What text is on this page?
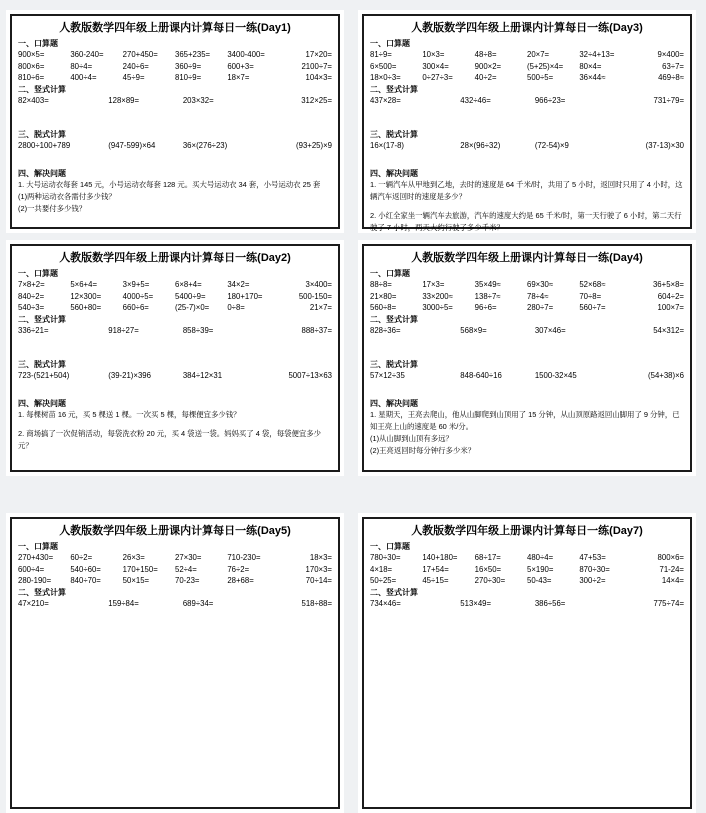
人教版数学四年级上册课内计算每日一练(Day1)
一、口算题
900×5=	360-240=	270+450=	365+235=	3400-400=	17×20=
800×6=	80÷4=	240÷6=	360÷9=	600+3=	2100÷7=
810÷6=	400÷4=	45÷9=	810÷9=	18×7=	104×3=
二、竖式计算
82×403=	128×89=	203×32=	312×25=
三、脱式计算
2800÷100+789	(947-599)×64	36×(276÷23)	(93+25)×9
四、解决问题
1. 大号运动衣每套 145 元，小号运动衣每套 128 元。买大号运动衣 34 套，小号运动衣 25 套
(1)两种运动衣各需付多少钱？
(2)一共要付多少钱？
人教版数学四年级上册课内计算每日一练(Day3)
一、口算题
81÷9=	10×3=	48÷8=	20×7=	32÷4+13=	9×400=
6×500=	300×4=	900×2=	(5+25)×4=	80×4=	63÷7=
18×0÷3=	0÷27÷3=	40÷2=	500÷5=	36×44≈	469÷8≈
二、竖式计算
437×28=	432÷46=	966÷23=	731÷79=
三、脱式计算
16×(17-8)	28×(96÷32)	(72-54)×9	(37-13)×30
四、解决问题
1. 一辆汽车从甲地到乙地，去时的速度是 64 千米/时，共用了 5 小时，返回时只用了 4 小时，这辆汽车返回时的速度是多少？
2. 小红全家坐一辆汽车去旅游，汽车的速度大约是 65 千米/时，第一天行驶了 6 小时，第二天行驶了 7 小时，两天大约行驶了多少千米？
人教版数学四年级上册课内计算每日一练(Day2)
一、口算题
7×8+2=	5×6+4=	3×9+5=	6×8+4=	34×2=	3×400=
840÷2=	12×300=	4000÷5=	5400÷9=	180+170=	500-150=
540÷3=	560+80=	660÷6=	(25-7)×0=	0÷8=	21×7=
二、竖式计算
336÷21=	918÷27=	858÷39=	888÷37=
三、脱式计算
723-(521+504)	(39-21)×396	384÷12×31	5007÷13×63
四、解决问题
1. 每棵树苗 16 元，买 5 棵送 1 棵。一次买 5 棵，每棵便宜多少钱？
2. 商场搞了一次促销活动，每袋洗衣粉 20 元，买 4 袋送一袋。妈妈买了 4 袋，每袋便宜多少元？
人教版数学四年级上册课内计算每日一练(Day4)
一、口算题
88÷8=	17×3=	35×49≈	69×30≈	52×68≈	36+5×8=
21×80=	33×200≈	138÷7≈	78÷4≈	70÷8=	604÷2=
560÷8=	3000÷5=	96÷6=	280÷7=	560÷7=	100×7=
二、竖式计算
828÷36=	568×9=	307×46=	54×312=
三、脱式计算
57×12÷35	848-640÷16	1500-32×45	(54+38)×6
四、解决问题
1. 星期天，王亮去爬山，他从山脚爬到山顶用了 15 分钟，从山顶原路返回山脚用了 9 分钟，已知王亮上山的速度是 60 米/分。
(1)从山脚到山顶有多远？
(2)王亮返回时每分钟行多少米？
人教版数学四年级上册课内计算每日一练(Day5)
一、口算题
270+430=	60÷2=	26×3=	27×30=	710-230=	18×3=
600÷4=	540÷60=	170+150=	52÷4=	76÷2=	170×3=
280-190=	840÷70=	50×15=	70-23=	28+68=	70÷14=
二、竖式计算
47×210=	159÷84=	689÷34=	518÷88=
人教版数学四年级上册课内计算每日一练(Day7)
一、口算题
780÷30=	140+180=	68÷17=	480÷4=	47+53=	800×6=
4×18=	17+54=	16×50=	5×190=	870÷30=	71-24=
50÷25=	45÷15=	270÷30=	50-43=	300÷2=	14×4=
二、竖式计算
734×46=	513×49=	386÷56=	775÷74=
